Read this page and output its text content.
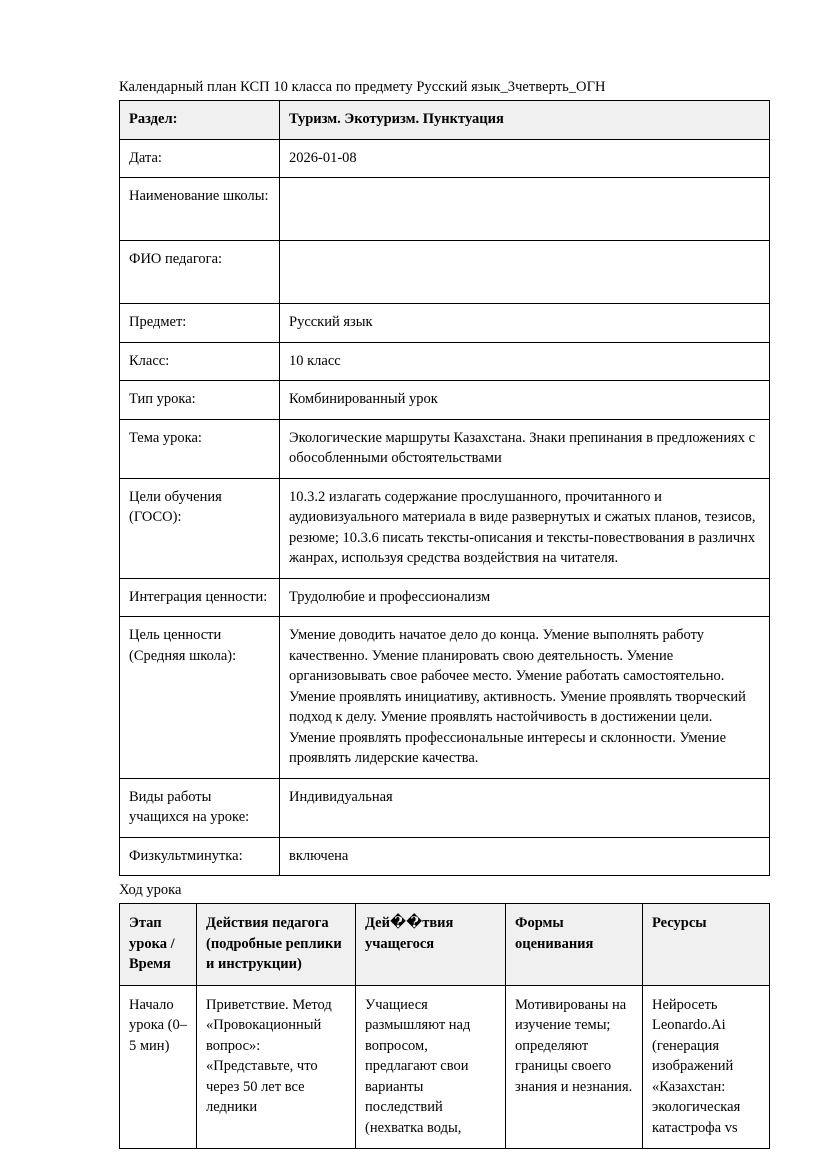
Календарный план КСП 10 класса по предмету Русский язык_3четверть_ОГН
Раздел:	Туризм. Экотуризм. Пунктуация
Дата:	2026-01-08
Наименование школы:	
ФИО педагога:	
Предмет:	Русский язык
Класс:	10 класс
Тип урока:	Комбинированный урок
Тема урока:	Экологические маршруты Казахстана. Знаки препинания в предложениях с обособленными обстоятельствами
Цели обучения (ГОСО):	10.3.2 излагать содержание прослушанного, прочитанного и аудиовизуального материала в виде развернутых и сжатых планов, тезисов, резюме; 10.3.6 писать тексты-описания и тексты-повествования в различнх жанрах, используя средства воздействия на читателя.
Интеграция ценности:	Трудолюбие и профессионализм
Цель ценности (Средняя школа):	Умение доводить начатое дело до конца. Умение выполнять работу качественно. Умение планировать свою деятельность. Умение организовывать свое рабочее место. Умение работать самостоятельно. Умение проявлять инициативу, активность. Умение проявлять творческий подход к делу. Умение проявлять настойчивость в достижении цели. Умение проявлять профессиональные интересы и склонности. Умение проявлять лидерские качества.
Виды работы учащихся на уроке:	Индивидуальная
Физкультминутка:	включена
Ход урока
Этап урока / Время	Действия педагога (подробные реплики и инструкции)	Дей��твия учащегося	Формы оценивания	Ресурсы
Начало урока (0–5 мин)	Приветствие. Метод «Провокационный вопрос»: «Представьте, что через 50 лет все ледники	Учащиеся размышляют над вопросом, предлагают свои варианты последствий (нехватка воды,	Мотивированы на изучение темы; определяют границы своего знания и незнания.	Нейросеть Leonardo.Ai (генерация изображений «Казахстан: экологическая катастрофа vs
